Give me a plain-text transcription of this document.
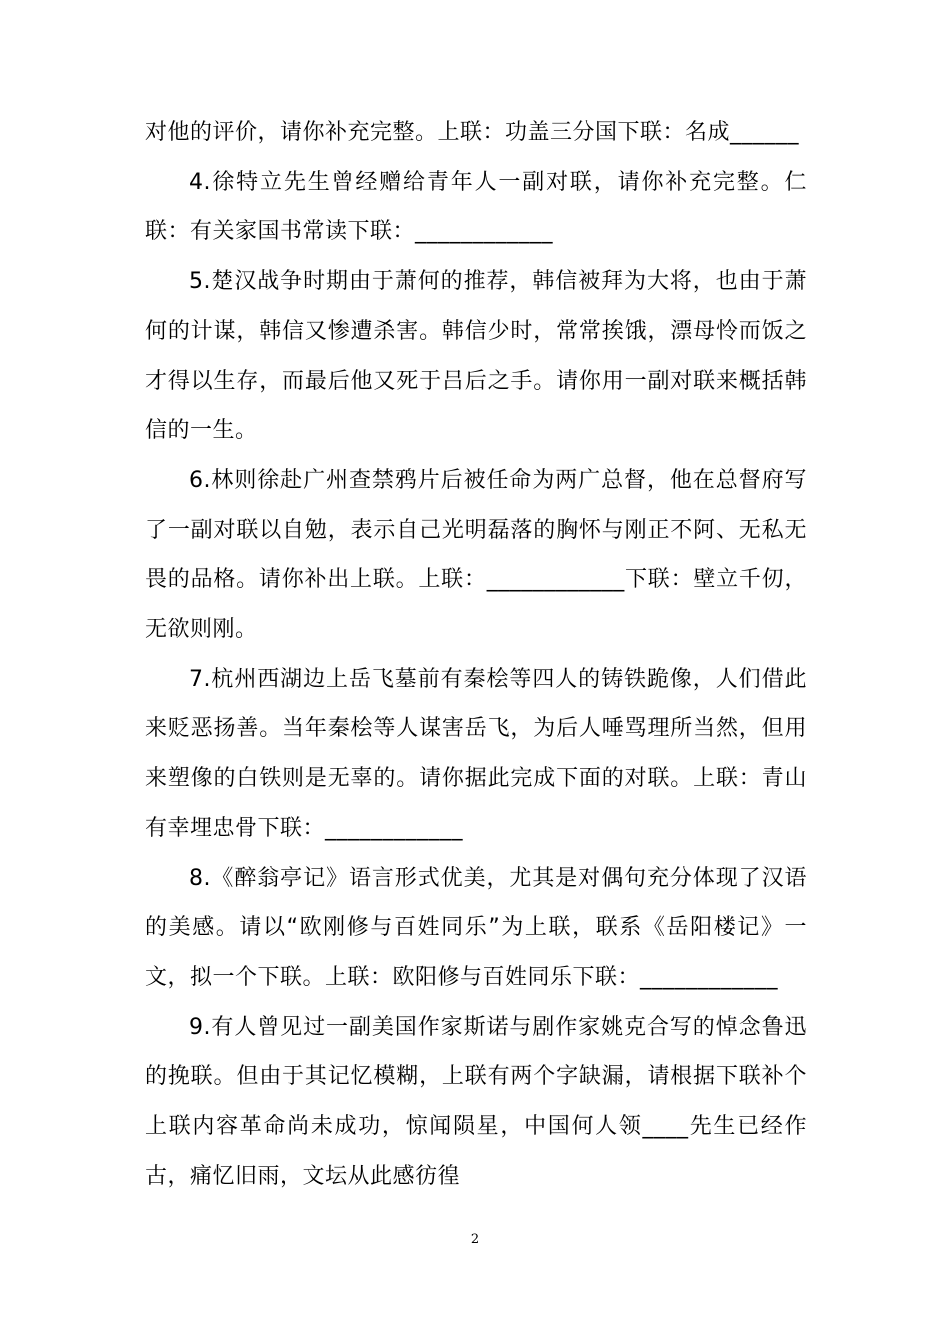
对他的评价，请你补充完整。上联：功盖三分国下联：名成______

4.徐特立先生曾经赠给青年人一副对联，请你补充完整。仁联：有关家国书常读下联：____________

5.楚汉战争时期由于萧何的推荐，韩信被拜为大将，也由于萧何的计谋，韩信又惨遭杀害。韩信少时，常常挨饿，漂母怜而饭之才得以生存，而最后他又死于吕后之手。请你用一副对联来概括韩信的一生。

6.林则徐赴广州查禁鸦片后被任命为两广总督，他在总督府写了一副对联以自勉，表示自己光明磊落的胸怀与刚正不阿、无私无畏的品格。请你补出上联。上联：____________下联：壁立千仞，无欲则刚。

7.杭州西湖边上岳飞墓前有秦桧等四人的铸铁跪像，人们借此来贬恶扬善。当年秦桧等人谋害岳飞，为后人唾骂理所当然，但用来塑像的白铁则是无辜的。请你据此完成下面的对联。上联：青山有幸埋忠骨下联：____________

8.《醉翁亭记》语言形式优美，尤其是对偶句充分体现了汉语的美感。请以“欧刚修与百姓同乐”为上联，联系《岳阳楼记》一文，拟一个下联。上联：欧阳修与百姓同乐下联：____________

9.有人曾见过一副美国作家斯诺与剧作家姚克合写的悼念鲁迅的挽联。但由于其记忆模糊，上联有两个字缺漏，请根据下联补个上联内容革命尚未成功，惊闻陨星，中国何人领____先生已经作古，痛忆旧雨，文坛从此感彷徨

2
